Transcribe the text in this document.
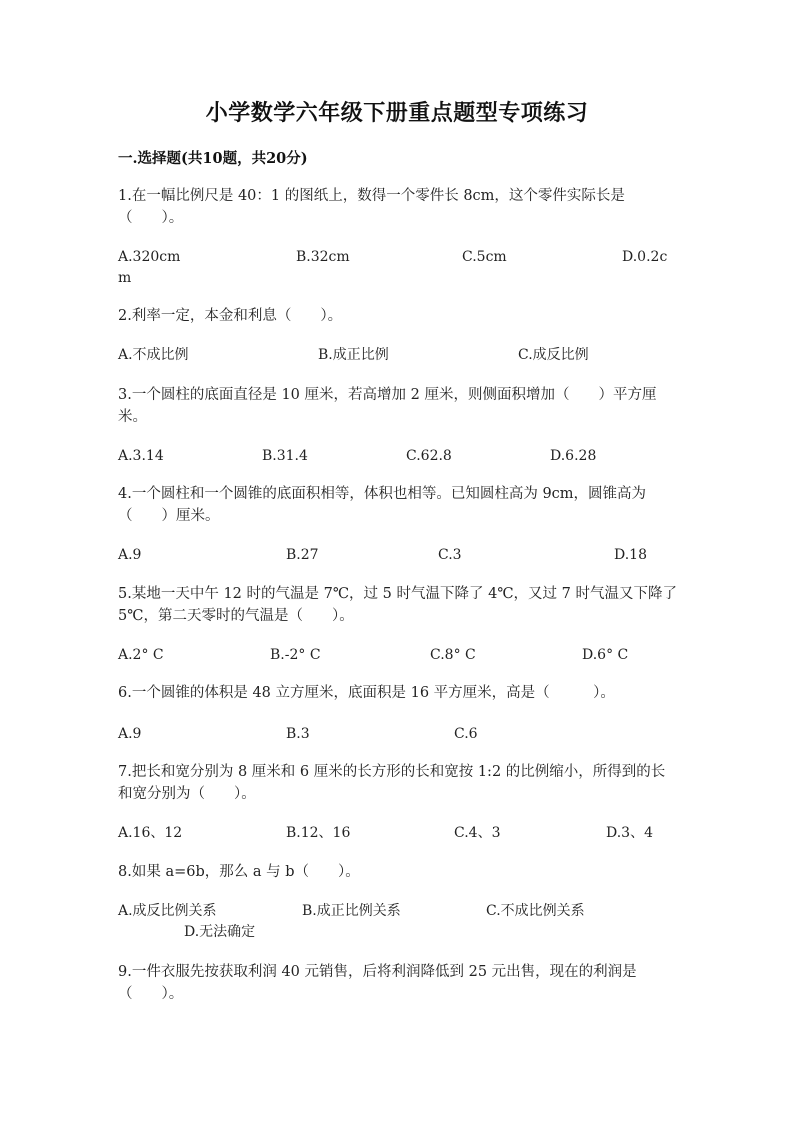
小学数学六年级下册重点题型专项练习
一.选择题(共10题，共20分)
1.在一幅比例尺是 40：1 的图纸上，数得一个零件长 8cm，这个零件实际长是（　　）。
A.320cm	B.32cm	C.5cm	D.0.2c
m
2.利率一定，本金和利息（　　）。
A.不成比例	B.成正比例	C.成反比例
3.一个圆柱的底面直径是 10 厘米，若高增加 2 厘米，则侧面积增加（　　）平方厘米。
A.3.14	B.31.4	C.62.8	D.6.28
4.一个圆柱和一个圆锥的底面积相等，体积也相等。已知圆柱高为 9cm，圆锥高为（　　）厘米。
A.9	B.27	C.3	D.18
5.某地一天中午 12 时的气温是 7℃，过 5 时气温下降了 4℃，又过 7 时气温又下降了 5℃，第二天零时的气温是（　　）。
A.2° C	B.-2° C	C.8° C	D.6° C
6.一个圆锥的体积是 48 立方厘米，底面积是 16 平方厘米，高是（　　　）。
A.9	B.3	C.6
7.把长和宽分别为 8 厘米和 6 厘米的长方形的长和宽按 1:2 的比例缩小，所得到的长和宽分别为（　　）。
A.16、12	B.12、16	C.4、3	D.3、4
8.如果 a=6b，那么 a 与 b（　　）。
A.成反比例关系	B.成正比例关系	C.不成比例关系
D.无法确定
9.一件衣服先按获取利润 40 元销售，后将利润降低到 25 元出售，现在的利润是（　　）。
